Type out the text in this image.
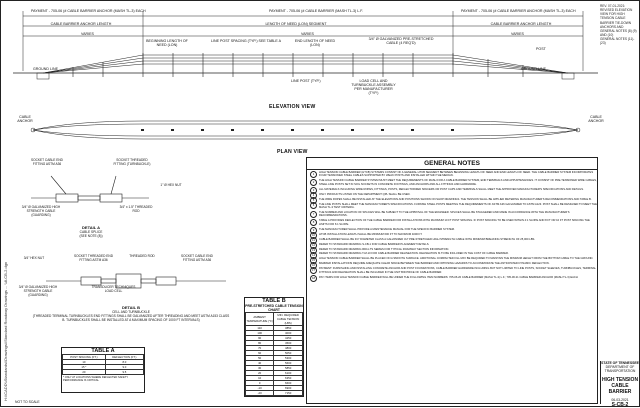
H:\\CADD\\Standards\\Drawings\\Standard Roadway Drawings ... \\8-CB-2.dgn
REV. 07-01-2021: REVISED ELEVATION
VIEW FOR HIGH TENSION CABLE
BARRIER TIE-DOWN ANCHORS AND
GENERAL NOTES (8) (9) AND (10)
GENERAL NOTES (11)-(23)
PAYMENT - 705-06 (# CABLE BARRIER ANCHOR (MASH TL-3) EACH	PAYMENT - 705-06 (# CABLE BARRIER (MASH TL-3) L.F.	PAYMENT - 705-06 (# CABLE BARRIER ANCHOR (MASH TL-3) EACH
CABLE BARRIER ANCHOR LENGTH	LENGTH OF NEED (LON) SEGMENT	CABLE BARRIER ANCHOR LENGTH
VARIES	VARIES	VARIES
BEGINNING LENGTH OF NEED (LON)
LINE POST SPACING (TYP.) SEE TABLE A	END LENGTH OF NEED (LON)
3/4" Ø GALVANIZED PRE-STRETCHED CABLE (4 REQ'D)
POST
GROUND LINE	GROUND LINE
LINE POST (TYP.)	LOAD CELL AND TURNBUCKLE ASSEMBLY PER MANUFACTURER (TYP.)
ELEVATION VIEW
CABLE ANCHOR
CABLE ANCHOR
PLAN VIEW
SOCKET CABLE END FITTING ASTM A36
SOCKET THREADED FITTING (TURNBUCKLE)
1" Ø HEX NUT
3/4" Ø GALVANIZED HIGH STRENGTH CABLE (GUARDING)
3/4" x 1.5" THREADED ROD
DETAIL A
CABLE SPLICE
(SEE NOTE (8))
3/4" HEX NUT	SOCKET THREADED END FITTING ASTM A36
THREADED ROD	SOCKET CABLE END FITTING ASTM A36
3/4" Ø GALVANIZED HIGH STRENGTH CABLE (GUARDING)
TRANSDUCER TECHNIQUES LOAD CELL
DETAIL B
CELL AND TURNBUCKLE
(THREADED TERMINAL TURNBUCKLES END FITTINGS SHALL BE GALVANIZED AFTER THREADING AND MEET ASTM A153 CLASS B. TURNBUCKLES SHALL BE INSTALLED AT A MAXIMUM SPACING OF 1000 FT INTERVALS)
TABLE A
POST SPACING (FT.)	DEFLECTION (FT.)
10	8.0
15 *	9.0
20	9.5
* ONLY AT LOCATIONS WHERE DEFLECTED SAFETY PERFORMANCE IS CRITICAL
TABLE B
PRE-STRETCHED CABLE TENSION CHART
AMBIENT TEMPERATURE (°F)	MIN. REQUIRED CABLE TENSION (LBS)
110	3850
100	4000
90	4250
80	4500
70	4800
60	5050
50	5300
40	5600
30	5850
20	6100
10	6350
0	6600
-10	6900
-20	7150
GENERAL NOTES
1	HIGH TENSION CABLE BARRIER (HTCB) SYSTEMS CONSIST OF A GENERAL HTCB SEGMENT BETWEEN BEGINNING LENGTH OF NEED AND END LENGTH OF NEED. THE CABLE BARRIER SYSTEM INCORPORATES FOUR TENSIONED STEEL CABLES SUPPORTED BY WEAK POSTS AND INSTALLED WITHIN THE MEDIAN.
2	THE HIGH TENSION CABLE BARRIER SYSTEM MUST MEET THE REQUIREMENTS OF MASH FOR A CABLE BARRIER SYSTEM, END TERMINALS AND APPURTENANCES. IT CONSIST OF PRE-TENSIONED WIRE CABLES, STEEL LINE POSTS SET IN SOIL SOCKETS IN CONCRETE FOOTINGS, AND ANCHORS AND ALL FITTINGS AND HARDWARE.
3	ALL MATERIALS INCLUDING WIRE ROPES, FITTINGS, POSTS, REFLECTORIZED SPACERS OR POST CAPS AND TERMINALS SHALL MEET THE APPROVED MANUFACTURER'S SPECIFICATIONS AND DETAILS.
4	ONLY PRODUCTS LISTED ON THE DEPARTMENT QPL SHALL BE USED.
5	THE WIRE ROPES SHALL BE INSTALLED AT THE ELEVATIONS AND POSITIONS SHOWN ON SHOP DRAWINGS. THE TENSION SHALL BE APPLIED METERING MANUFACTURER'S RECOMMENDATIONS AND TABLE B.
6	THE LINE POSTS SHALL MEET THE MANUFACTURER'S SPECIFICATIONS. FURNISH STEEL POSTS MEETING THE REQUIREMENTS OF ASTM A36 GALVANIZED TO ASTM A123. POST SHALL BE DESIGNED TO MEET THE MASH TL-3 TEST CRITERIA.
7	THE NUMBER AND LOCATION OF SPLICES WILL BE SUBJECT TO THE APPROVAL OF THE ENGINEER. SPLICES SHALL BE STAGGERED AND MADE IN ACCORDANCE WITH THE MANUFACTURER'S RECOMMENDATIONS.
8	TABLE A PROVIDES DEFLECTION OF THE CABLE BARRIER FOR INSTALLATIONS WITH MAXIMUM 10 FT POST SPACING. IF POST SPACING TO BE USED WITHIN 4:1 SLOPE AND 8 FT OR 10 FT POST SPACING THE LIMITS FOR 6:1 SLOPE.
9	THE MANUFACTURER SHALL PROVIDE A MAINTENANCE MANUAL FOR THE SPECIFIC BARRIER SYSTEM.
10	HTCB INSTALLATION LENGTH SHALL BE MINIMUM 600 FT TO MAXIMUM 4000 FT.
11	CABLE BARRIER SHALL BE 3/4" DIAMETER CLASS A GALVANIZED 3x7 PRE-STRETCHED HIGH STRENGTH CABLE WITH MINIMUM BREAKING STRENGTH OF 25,000 LBS.
12	REFER TO STANDARD DRAWING S-CB-1 FOR CABLE BARRIER PLACEMENT DETAILS.
13	REFER TO STANDARD DRAWING RD11-TS SERIES FOR TYPICAL ROADWAY SECTION INFORMATION.
14	REFER TO STANDARD DRAWING T-M-10 FOR CABLE BARRIER DELINEATION. DELINEATION IS TO BE INCLUDED IN THE COST OF CABLE BARRIER.
15	HIGH TENSION CABLE BARRIER SHALL BE PLACED ON A SMOOTH SURFACE. ADDITIONAL COMPACTED FILL MAY BE REQUIRED TO MAINTAIN THE MINIMUM HEIGHT FROM THE BOTTOM CABLE TO THE GROUND.
16	BARRIER INSTALLATIONS REQUIRE ADEQUATE CLEAR SPACE BETWEEN THE BARRIER AND OPPOSING HAZARDS TO ACCOMMODATE THE ANTICIPATED DYNAMIC DEFLECTION.
17	PAYMENT: FURNISHING AND INSTALLING CONCRETE ANCHOR AND POST FOUNDATIONS, CABLE BARRIER HARDWARE INCLUDING BUT NOT LIMITED TO LINE POSTS, SOCKET SLEEVES, TURNBUCKLES, TERMINAL FITTINGS AND DELINEATION SHALL BE INCLUDED IN THE UNIT BID PRICE OF CABLE BARRIER.
18	PAY ITEMS FOR HIGH TENSION CABLE BARRIER WILL BE UNDER THE FOLLOWING ITEM NUMBERS: 705-06.20 CABLE BARRIER (MASH TL-3) L.F.; 705-06.21 CABLE BARRIER ANCHOR (MASH TL-3) EACH
STATE OF TENNESSEE
DEPARTMENT OF TRANSPORTATION
HIGH TENSION CABLE BARRIER
06-03-2021
S-CB-2
NOT TO SCALE
